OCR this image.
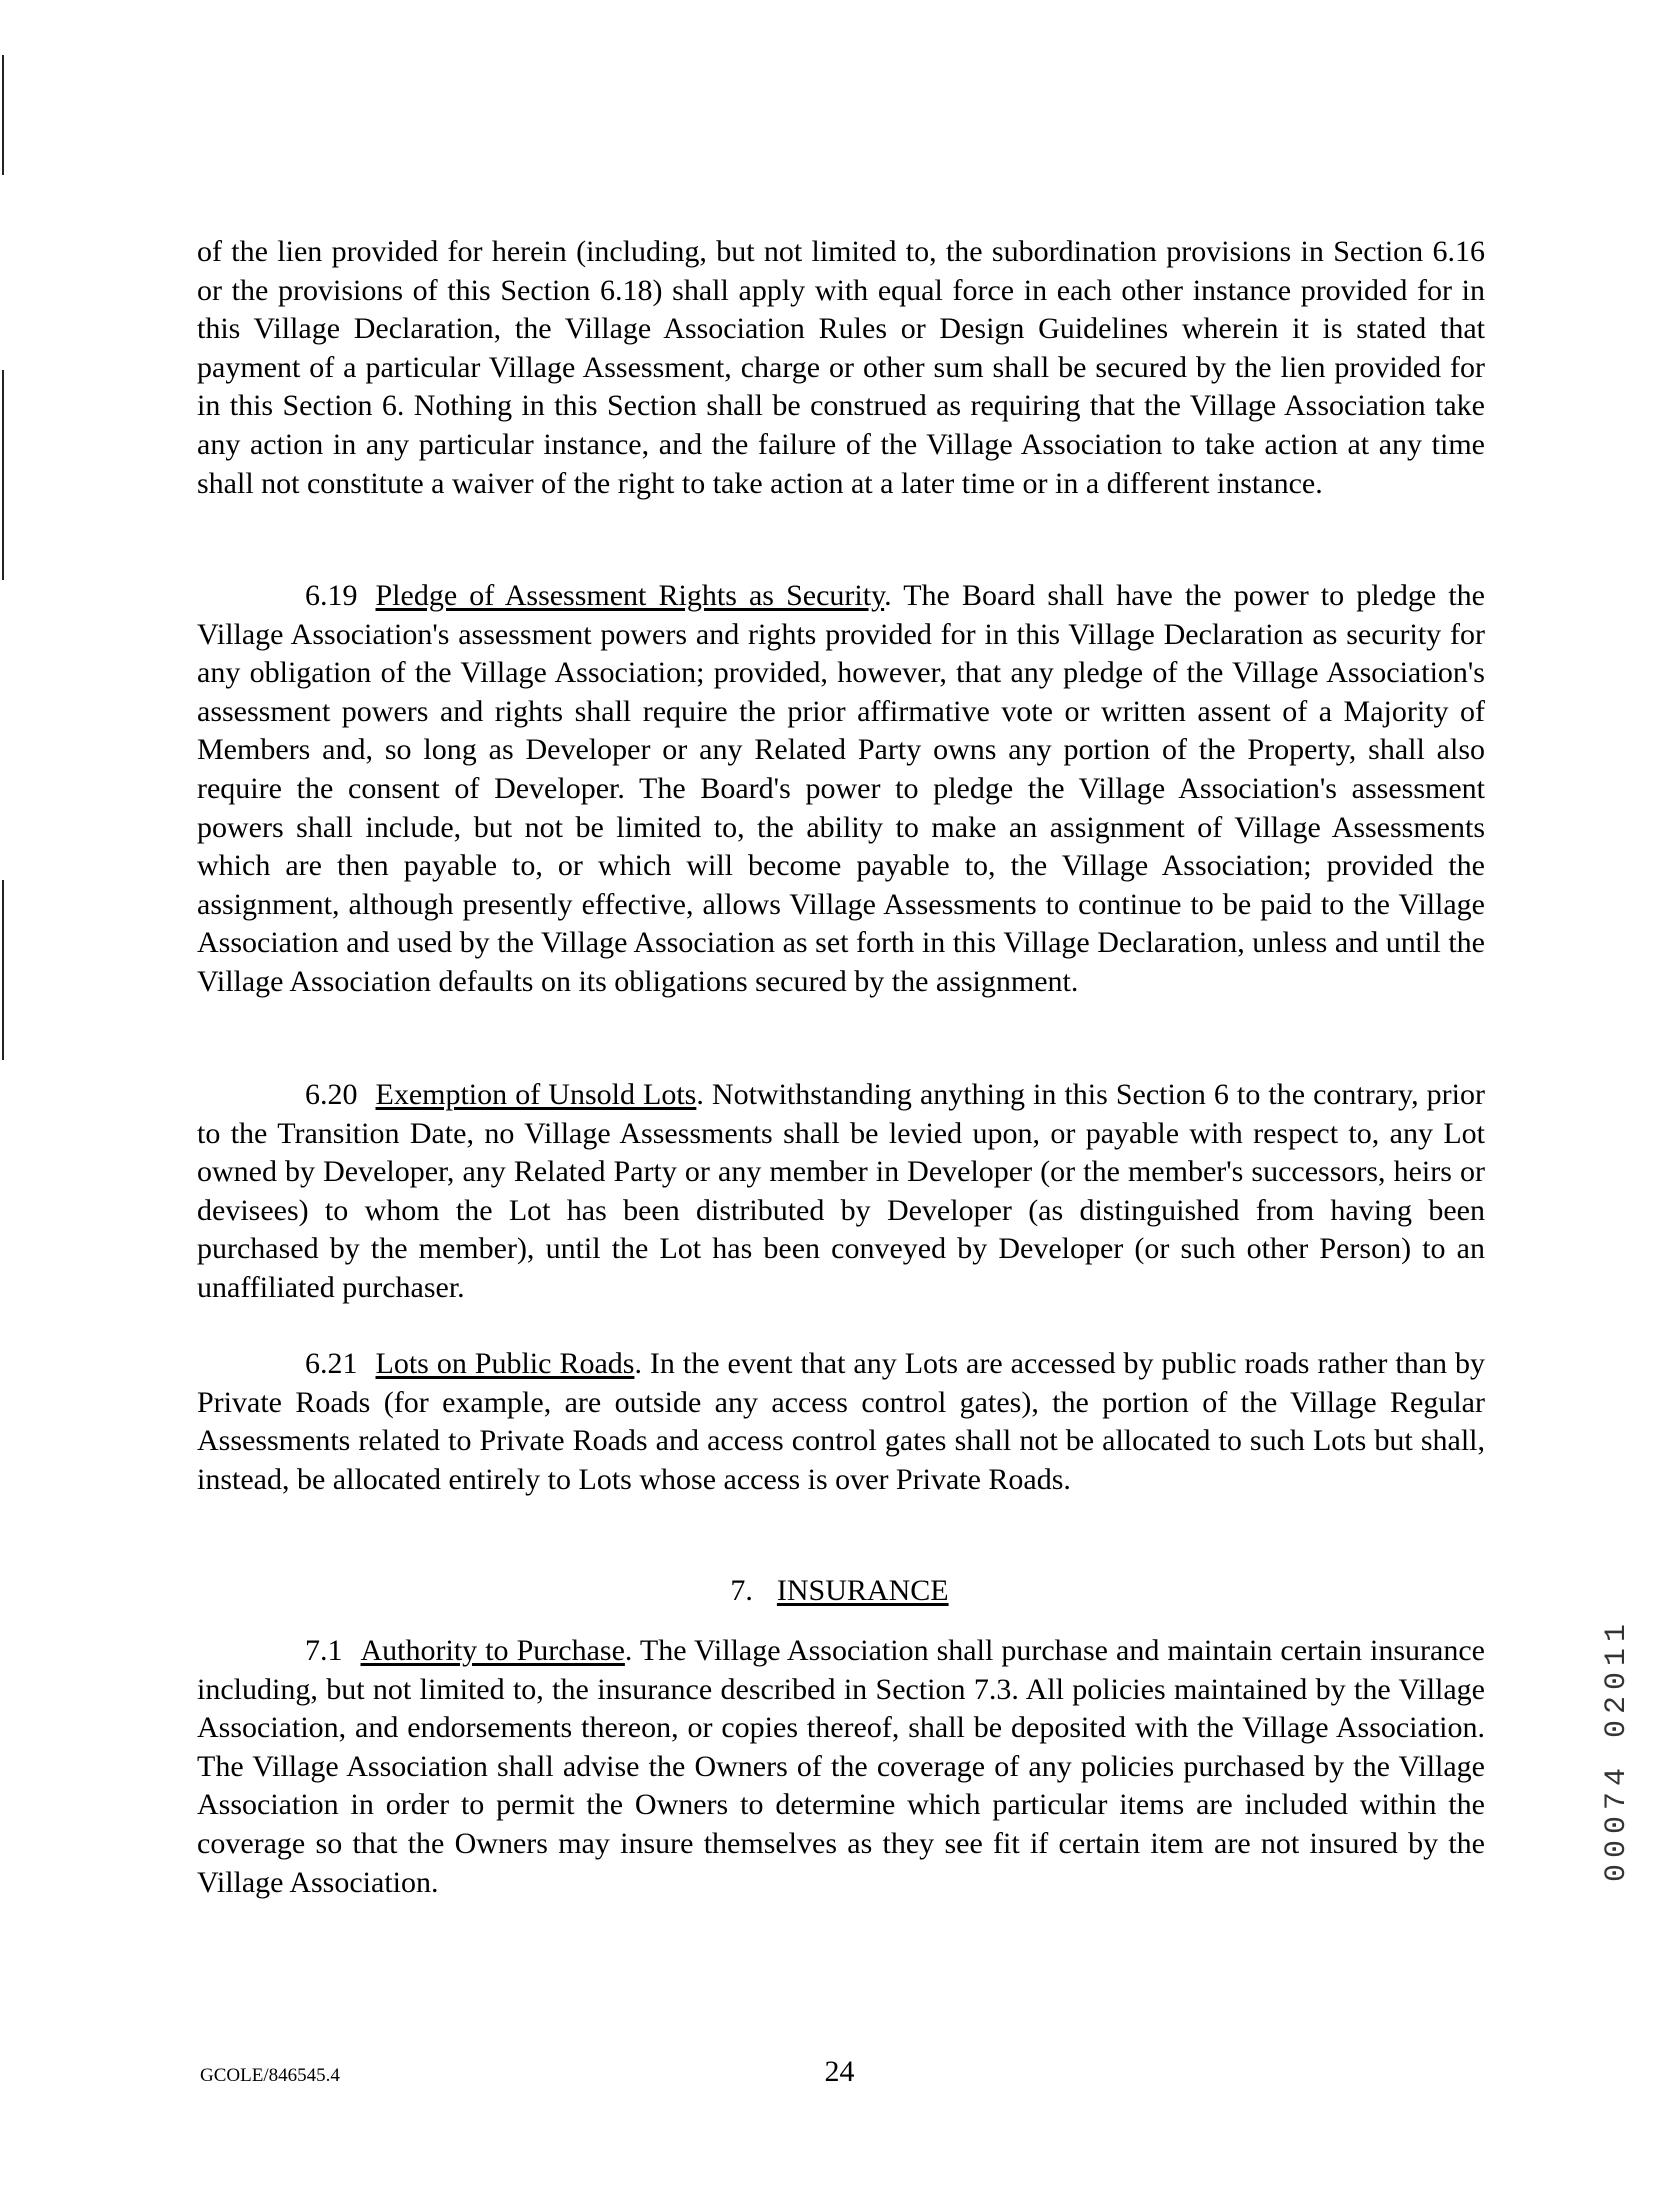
of the lien provided for herein (including, but not limited to, the subordination provisions in Section 6.16 or the provisions of this Section 6.18) shall apply with equal force in each other instance provided for in this Village Declaration, the Village Association Rules or Design Guidelines wherein it is stated that payment of a particular Village Assessment, charge or other sum shall be secured by the lien provided for in this Section 6. Nothing in this Section shall be construed as requiring that the Village Association take any action in any particular instance, and the failure of the Village Association to take action at any time shall not constitute a waiver of the right to take action at a later time or in a different instance.

6.19 Pledge of Assessment Rights as Security. The Board shall have the power to pledge the Village Association's assessment powers and rights provided for in this Village Declaration as security for any obligation of the Village Association; provided, however, that any pledge of the Village Association's assessment powers and rights shall require the prior affirmative vote or written assent of a Majority of Members and, so long as Developer or any Related Party owns any portion of the Property, shall also require the consent of Developer. The Board's power to pledge the Village Association's assessment powers shall include, but not be limited to, the ability to make an assignment of Village Assessments which are then payable to, or which will become payable to, the Village Association; provided the assignment, although presently effective, allows Village Assessments to continue to be paid to the Village Association and used by the Village Association as set forth in this Village Declaration, unless and until the Village Association defaults on its obligations secured by the assignment.

6.20 Exemption of Unsold Lots. Notwithstanding anything in this Section 6 to the contrary, prior to the Transition Date, no Village Assessments shall be levied upon, or payable with respect to, any Lot owned by Developer, any Related Party or any member in Developer (or the member's successors, heirs or devisees) to whom the Lot has been distributed by Developer (as distinguished from having been purchased by the member), until the Lot has been conveyed by Developer (or such other Person) to an unaffiliated purchaser.

6.21 Lots on Public Roads. In the event that any Lots are accessed by public roads rather than by Private Roads (for example, are outside any access control gates), the portion of the Village Regular Assessments related to Private Roads and access control gates shall not be allocated to such Lots but shall, instead, be allocated entirely to Lots whose access is over Private Roads.

7. INSURANCE

7.1 Authority to Purchase. The Village Association shall purchase and maintain certain insurance including, but not limited to, the insurance described in Section 7.3. All policies maintained by the Village Association, and endorsements thereon, or copies thereof, shall be deposited with the Village Association. The Village Association shall advise the Owners of the coverage of any policies purchased by the Village Association in order to permit the Owners to determine which particular items are included within the coverage so that the Owners may insure themselves as they see fit if certain item are not insured by the Village Association.

00074 02011
GCOLE/846545.4	24
